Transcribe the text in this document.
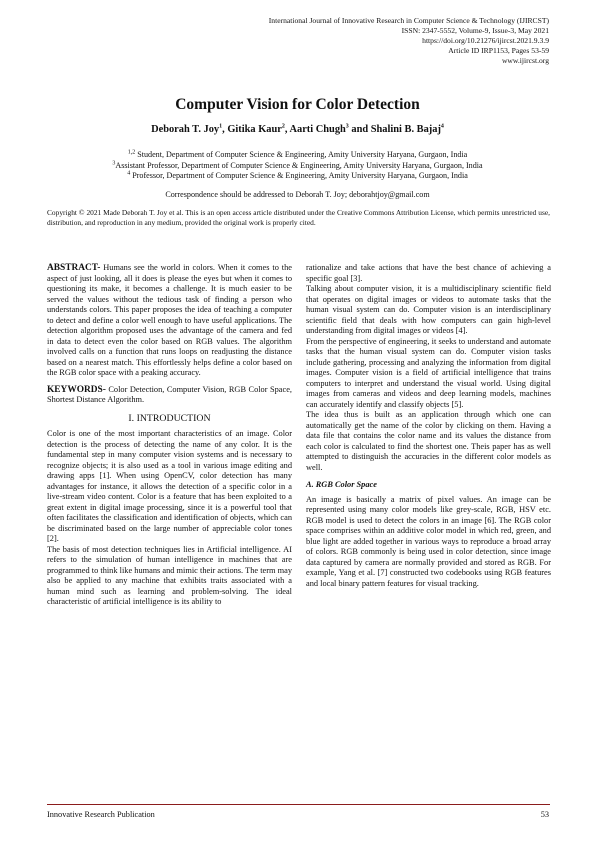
International Journal of Innovative Research in Computer Science & Technology (IJIRCST)
ISSN: 2347-5552, Volume-9, Issue-3, May 2021
https://doi.org/10.21276/ijircst.2021.9.3.9
Article ID IRP1153, Pages 53-59
www.ijircst.org
Computer Vision for Color Detection
Deborah T. Joy$^1$, Gitika Kaur$^2$, Aarti Chugh$^3$ and Shalini B. Bajaj$^4$
$^{1,2}$ Student, Department of Computer Science & Engineering, Amity University Haryana, Gurgaon, India
$^3$Assistant Professor, Department of Computer Science & Engineering, Amity University Haryana, Gurgaon, India
$^4$ Professor, Department of Computer Science & Engineering, Amity University Haryana, Gurgaon, India
Correspondence should be addressed to Deborah T. Joy; deborahtjoy@gmail.com
Copyright © 2021 Made Deborah T. Joy et al. This is an open access article distributed under the Creative Commons Attribution License, which permits unrestricted use, distribution, and reproduction in any medium, provided the original work is properly cited.

ABSTRACT- Humans see the world in colors. When it comes to the aspect of just looking, all it does is please the eyes but when it comes to questioning its make, it becomes a challenge. It is much easier to be served the values without the tedious task of finding a person who understands colors. This paper proposes the idea of teaching a computer to detect and define a color well enough to have useful applications. The detection algorithm proposed uses the advantage of the camera and fed in data to detect even the color based on RGB values. The algorithm involved calls on a function that runs loops on readjusting the distance based on a nearest match. This effortlessly helps define a color based on the RGB color space with a peaking accuracy.

KEYWORDS- Color Detection, Computer Vision, RGB Color Space, Shortest Distance Algorithm.

I. INTRODUCTION

Color is one of the most important characteristics of an image. Color detection is the process of detecting the name of any color. It is the fundamental step in many computer vision systems and is necessary to recognize objects; it is also used as a tool in various image editing and drawing apps [1]. When using OpenCV, color detection has many advantages for instance, it allows the detection of a specific color in a live-stream video content. Color is a feature that has been exploited to a great extent in digital image processing, since it is a powerful tool that often facilitates the classification and identification of objects, which can be discriminated based on the large number of appreciable color tones [2].

The basis of most detection techniques lies in Artificial intelligence. AI refers to the simulation of human intelligence in machines that are programmed to think like humans and mimic their actions. The term may also be applied to any machine that exhibits traits associated with a human mind such as learning and problem-solving. The ideal characteristic of artificial intelligence is its ability to

rationalize and take actions that have the best chance of achieving a specific goal [3].

Talking about computer vision, it is a multidisciplinary scientific field that operates on digital images or videos to automate tasks that the human visual system can do. Computer vision is an interdisciplinary scientific field that deals with how computers can gain high-level understanding from digital images or videos [4].

From the perspective of engineering, it seeks to understand and automate tasks that the human visual system can do. Computer vision tasks include gathering, processing and analyzing the information from digital images. Computer vision is a field of artificial intelligence that trains computers to interpret and understand the visual world. Using digital images from cameras and videos and deep learning models, machines can accurately identify and classify objects [5].

The idea thus is built as an application through which one can automatically get the name of the color by clicking on them. Having a data file that contains the color name and its values the distance from each color is calculated to find the shortest one. Theis paper has as well attempted to distinguish the accuracies in the different color models as well.

A. RGB Color Space

An image is basically a matrix of pixel values. An image can be represented using many color models like grey-scale, RGB, HSV etc. RGB model is used to detect the colors in an image [6]. The RGB color space comprises within an additive color model in which red, green, and blue light are added together in various ways to reproduce a broad array of colors. RGB commonly is being used in color detection, since image data captured by camera are normally provided and stored as RGB. For example, Yang et al. [7] constructed two codebooks using RGB features and local binary pattern features for visual tracking.

Innovative Research Publication	53
